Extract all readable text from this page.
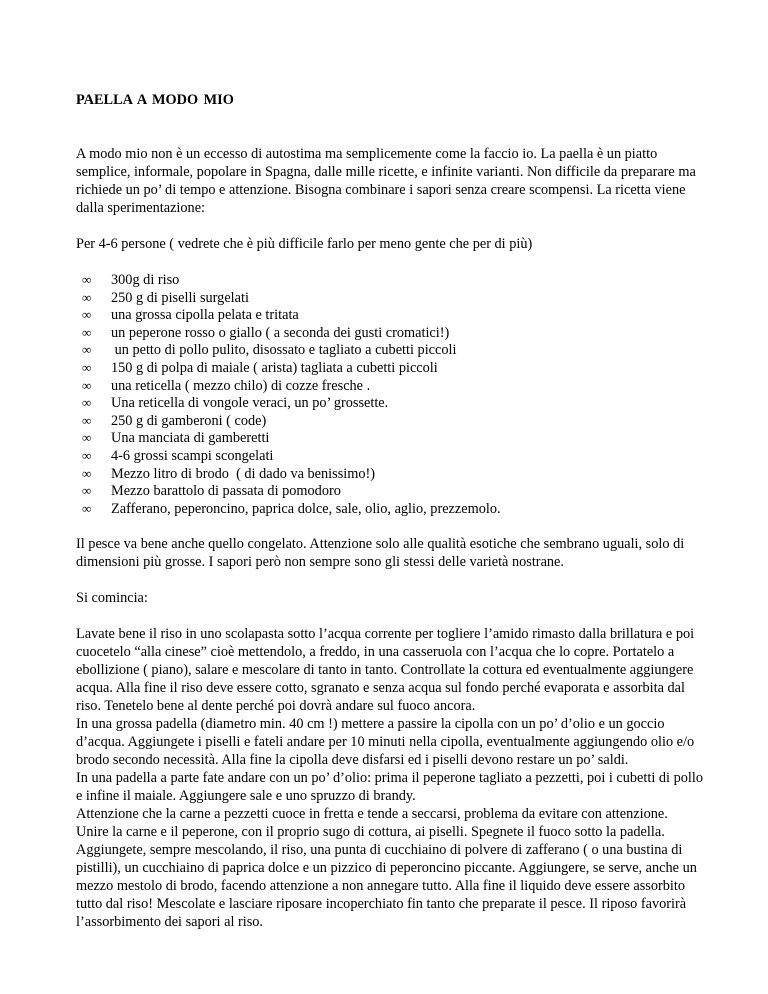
PAELLA A MODO MIO

A modo mio non è un eccesso di autostima ma semplicemente come la faccio io. La paella è un piatto semplice, informale, popolare in Spagna, dalle mille ricette, e infinite varianti. Non difficile da preparare ma richiede un po’ di tempo e attenzione. Bisogna combinare i sapori senza creare scompensi. La ricetta viene dalla sperimentazione:

Per 4-6 persone ( vedrete che è più difficile farlo per meno gente che per di più)

∞ 300g di riso
∞ 250 g di piselli surgelati
∞ una grossa cipolla pelata e tritata
∞ un peperone rosso o giallo ( a seconda dei gusti cromatici!)
∞ un petto di pollo pulito, disossato e tagliato a cubetti piccoli
∞ 150 g di polpa di maiale ( arista) tagliata a cubetti piccoli
∞ una reticella ( mezzo chilo) di cozze fresche .
∞ Una reticella di vongole veraci, un po’ grossette.
∞ 250 g di gamberoni ( code)
∞ Una manciata di gamberetti
∞ 4-6 grossi scampi scongelati
∞ Mezzo litro di brodo  ( di dado va benissimo!)
∞ Mezzo barattolo di passata di pomodoro
∞ Zafferano, peperoncino, paprica dolce, sale, olio, aglio, prezzemolo.

Il pesce va bene anche quello congelato. Attenzione solo alle qualità esotiche che sembrano uguali, solo di dimensioni più grosse. I sapori però non sempre sono gli stessi delle varietà nostrane.

Si comincia:

Lavate bene il riso in uno scolapasta sotto l’acqua corrente per togliere l’amido rimasto dalla brillatura e poi cuocetelo “alla cinese” cioè mettendolo, a freddo, in una casseruola con l’acqua che lo copre. Portatelo a ebollizione ( piano), salare e mescolare di tanto in tanto. Controllate la cottura ed eventualmente aggiungere acqua. Alla fine il riso deve essere cotto, sgranato e senza acqua sul fondo perché evaporata e assorbita dal riso. Tenetelo bene al dente perché poi dovrà andare sul fuoco ancora.

In una grossa padella (diametro min. 40 cm !) mettere a passire la cipolla con un po’ d’olio e un goccio d’acqua. Aggiungete i piselli e fateli andare per 10 minuti nella cipolla, eventualmente aggiungendo olio e/o brodo secondo necessità. Alla fine la cipolla deve disfarsi ed i piselli devono restare un po’ saldi.

In una padella a parte fate andare con un po’ d’olio: prima il peperone tagliato a pezzetti, poi i cubetti di pollo e infine il maiale. Aggiungere sale e uno spruzzo di brandy.

Attenzione che la carne a pezzetti cuoce in fretta e tende a seccarsi, problema da evitare con attenzione.

Unire la carne e il peperone, con il proprio sugo di cottura, ai piselli. Spegnete il fuoco sotto la padella. Aggiungete, sempre mescolando, il riso, una punta di cucchiaino di polvere di zafferano ( o una bustina di pistilli), un cucchiaino di paprica dolce e un pizzico di peperoncino piccante. Aggiungere, se serve, anche un mezzo mestolo di brodo, facendo attenzione a non annegare tutto. Alla fine il liquido deve essere assorbito tutto dal riso! Mescolate e lasciare riposare incoperchiato fin tanto che preparate il pesce. Il riposo favorirà l’assorbimento dei sapori al riso.
